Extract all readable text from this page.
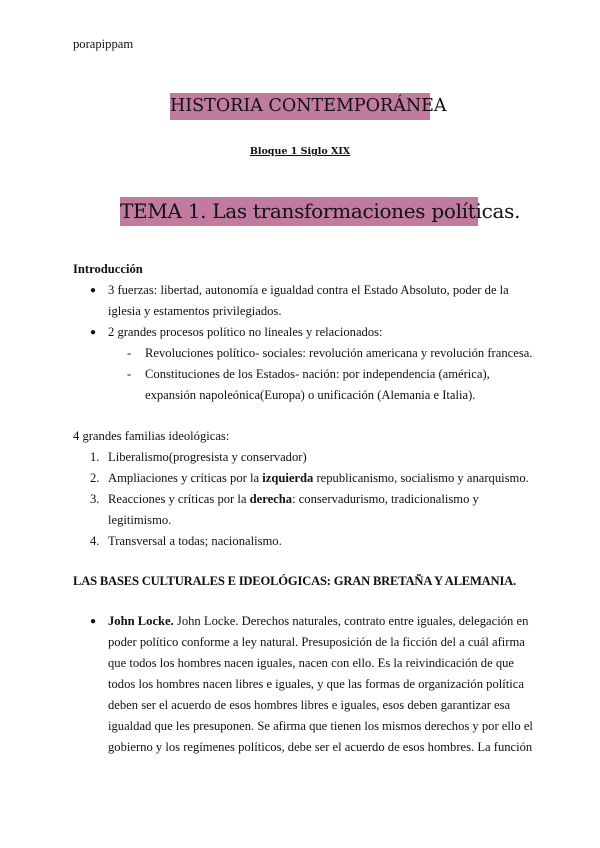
porapippam
HISTORIA CONTEMPORÁNEA
Bloque 1 Siglo XIX
TEMA 1. Las transformaciones políticas.
Introducción
● 3 fuerzas: libertad, autonomía e igualdad contra el Estado Absoluto, poder de la
iglesia y estamentos privilegiados.
● 2 grandes procesos político no lineales y relacionados:
- Revoluciones político- sociales: revolución americana y revolución francesa.
- Constituciones de los Estados- nación: por independencia (américa),
expansión napoleónica(Europa) o unificación (Alemania e Italia).
4 grandes familias ideológicas:
1. Liberalismo(progresista y conservador)
2. Ampliaciones y críticas por la izquierda republicanismo, socialismo y anarquismo.
3. Reacciones y críticas por la derecha: conservadurismo, tradicionalismo y
legitimismo.
4. Transversal a todas; nacionalismo.
LAS BASES CULTURALES E IDEOLÓGICAS: GRAN BRETAÑA Y ALEMANIA.
● John Locke. John Locke. Derechos naturales, contrato entre iguales, delegación en
poder político conforme a ley natural. Presuposición de la ficción del a cuál afirma
que todos los hombres nacen iguales, nacen con ello. Es la reivindicación de que
todos los hombres nacen libres e iguales, y que las formas de organización política
deben ser el acuerdo de esos hombres libres e iguales, esos deben garantizar esa
igualdad que les presuponen. Se afirma que tienen los mismos derechos y por ello el
gobierno y los regímenes políticos, debe ser el acuerdo de esos hombres. La función
